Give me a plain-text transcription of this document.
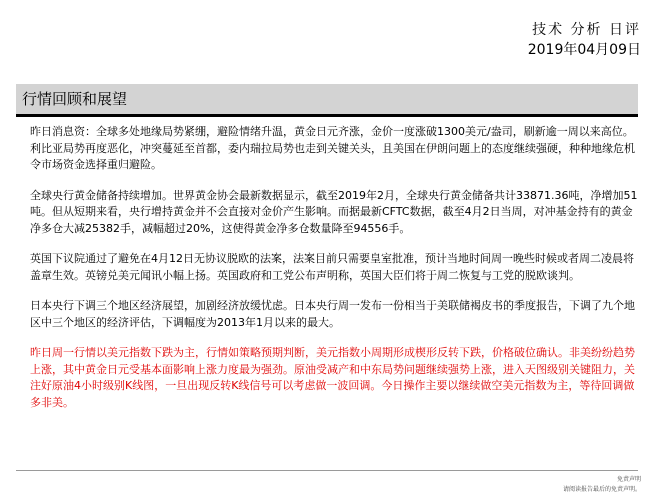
技术 分析 日评
2019年04月09日
行情回顾和展望

昨日消息资：全球多处地缘局势紧绷，避险情绪升温，黄金日元齐涨，金价一度涨破1300美元/盎司，刷新逾一周以来高位。利比亚局势再度恶化，冲突蔓延至首都，委内瑞拉局势也走到关键关头，且美国在伊朗问题上的态度继续强硬，种种地缘危机令市场资金选择重归避险。

全球央行黄金储备持续增加。世界黄金协会最新数据显示，截至2019年2月，全球央行黄金储备共计33871.36吨，净增加51吨。但从短期来看，央行增持黄金并不会直接对金价产生影响。而据最新CFTC数据，截至4月2日当周，对冲基金持有的黄金净多仓大减25382手，减幅超过20%，这使得黄金净多仓数量降至94556手。

英国下议院通过了避免在4月12日无协议脱欧的法案，法案目前只需要皇室批准，预计当地时间周一晚些时候或者周二凌晨将盖章生效。英镑兑美元闻讯小幅上扬。英国政府和工党公布声明称，英国大臣们将于周二恢复与工党的脱欧谈判。

日本央行下调三个地区经济展望，加剧经济放缓忧虑。日本央行周一发布一份相当于美联储褐皮书的季度报告，下调了九个地区中三个地区的经济评估，下调幅度为2013年1月以来的最大。

昨日周一行情以美元指数下跌为主，行情如策略预期判断，美元指数小周期形成楔形反转下跌，价格破位确认。非美纷纷趋势上涨，其中黄金日元受基本面影响上涨力度最为强劲。原油受减产和中东局势问题继续强势上涨，进入天图级别关键阻力，关注好原油4小时级别K线图，一旦出现反转K线信号可以考虑做一波回调。今日操作主要以继续做空美元指数为主，等待回调做多非美。

免责声明
请阅读报告最后的免责声明。
